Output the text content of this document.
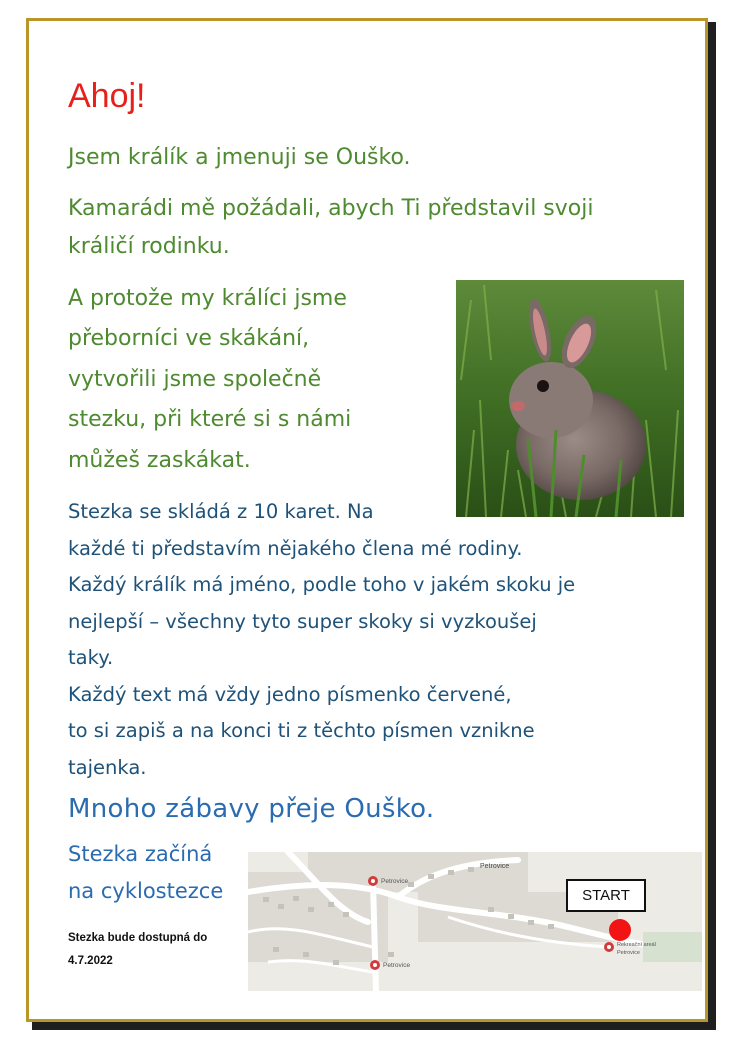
Ahoj!
Jsem králík a jmenuji se Ouško.
Kamarádi mě požádali, abych Ti představil svoji
králičí rodinku.
A protože my králíci jsme
přeborníci ve skákání,
vytvořili jsme společně
stezku, při které si s námi
můžeš zaskákat.
Stezka se skládá z 10 karet. Na
každé ti představím nějakého člena mé rodiny.
Každý králík má jméno, podle toho v jakém skoku je
nejlepší – všechny tyto super skoky si vyzkoušej
taky.
Každý text má vždy jedno písmenko červené,
to si zapiš a na konci ti z těchto písmen vznikne
tajenka.
Mnoho zábavy přeje Ouško.
Stezka začíná
na cyklostezce
Stezka bude dostupná do
4.7.2022
Petrovice
Petrovice
Petrovice
Rekreační areál Petrovice
START
